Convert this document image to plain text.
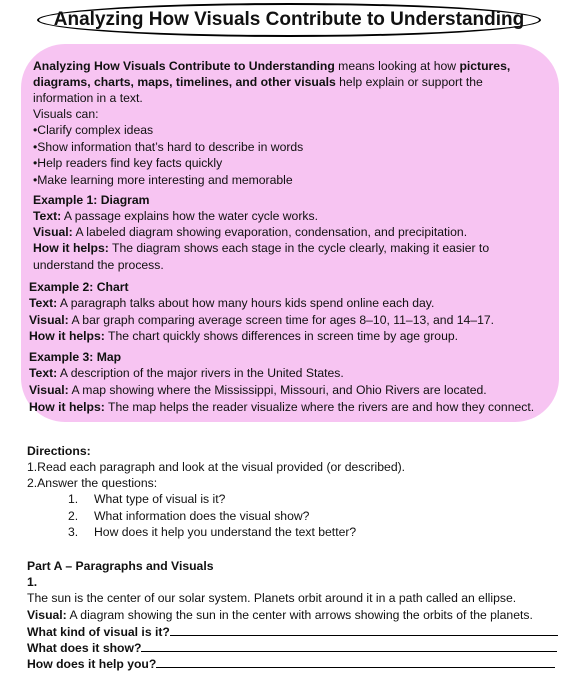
Analyzing How Visuals Contribute to Understanding
Analyzing How Visuals Contribute to Understanding means looking at how pictures,
diagrams, charts, maps, timelines, and other visuals help explain or support the
information in a text.
Visuals can:
•Clarify complex ideas
•Show information that’s hard to describe in words
•Help readers find key facts quickly
•Make learning more interesting and memorable
Example 1: Diagram
Text: A passage explains how the water cycle works.
Visual: A labeled diagram showing evaporation, condensation, and precipitation.
How it helps: The diagram shows each stage in the cycle clearly, making it easier to
understand the process.
Example 2: Chart
Text: A paragraph talks about how many hours kids spend online each day.
Visual: A bar graph comparing average screen time for ages 8–10, 11–13, and 14–17.
How it helps: The chart quickly shows differences in screen time by age group.
Example 3: Map
Text: A description of the major rivers in the United States.
Visual: A map showing where the Mississippi, Missouri, and Ohio Rivers are located.
How it helps: The map helps the reader visualize where the rivers are and how they connect.
Directions:
1.Read each paragraph and look at the visual provided (or described).
2.Answer the questions:
1. What type of visual is it?
2. What information does the visual show?
3. How does it help you understand the text better?
Part A – Paragraphs and Visuals
1.
The sun is the center of our solar system. Planets orbit around it in a path called an ellipse.
Visual: A diagram showing the sun in the center with arrows showing the orbits of the planets.
What kind of visual is it?
What does it show?
How does it help you?
